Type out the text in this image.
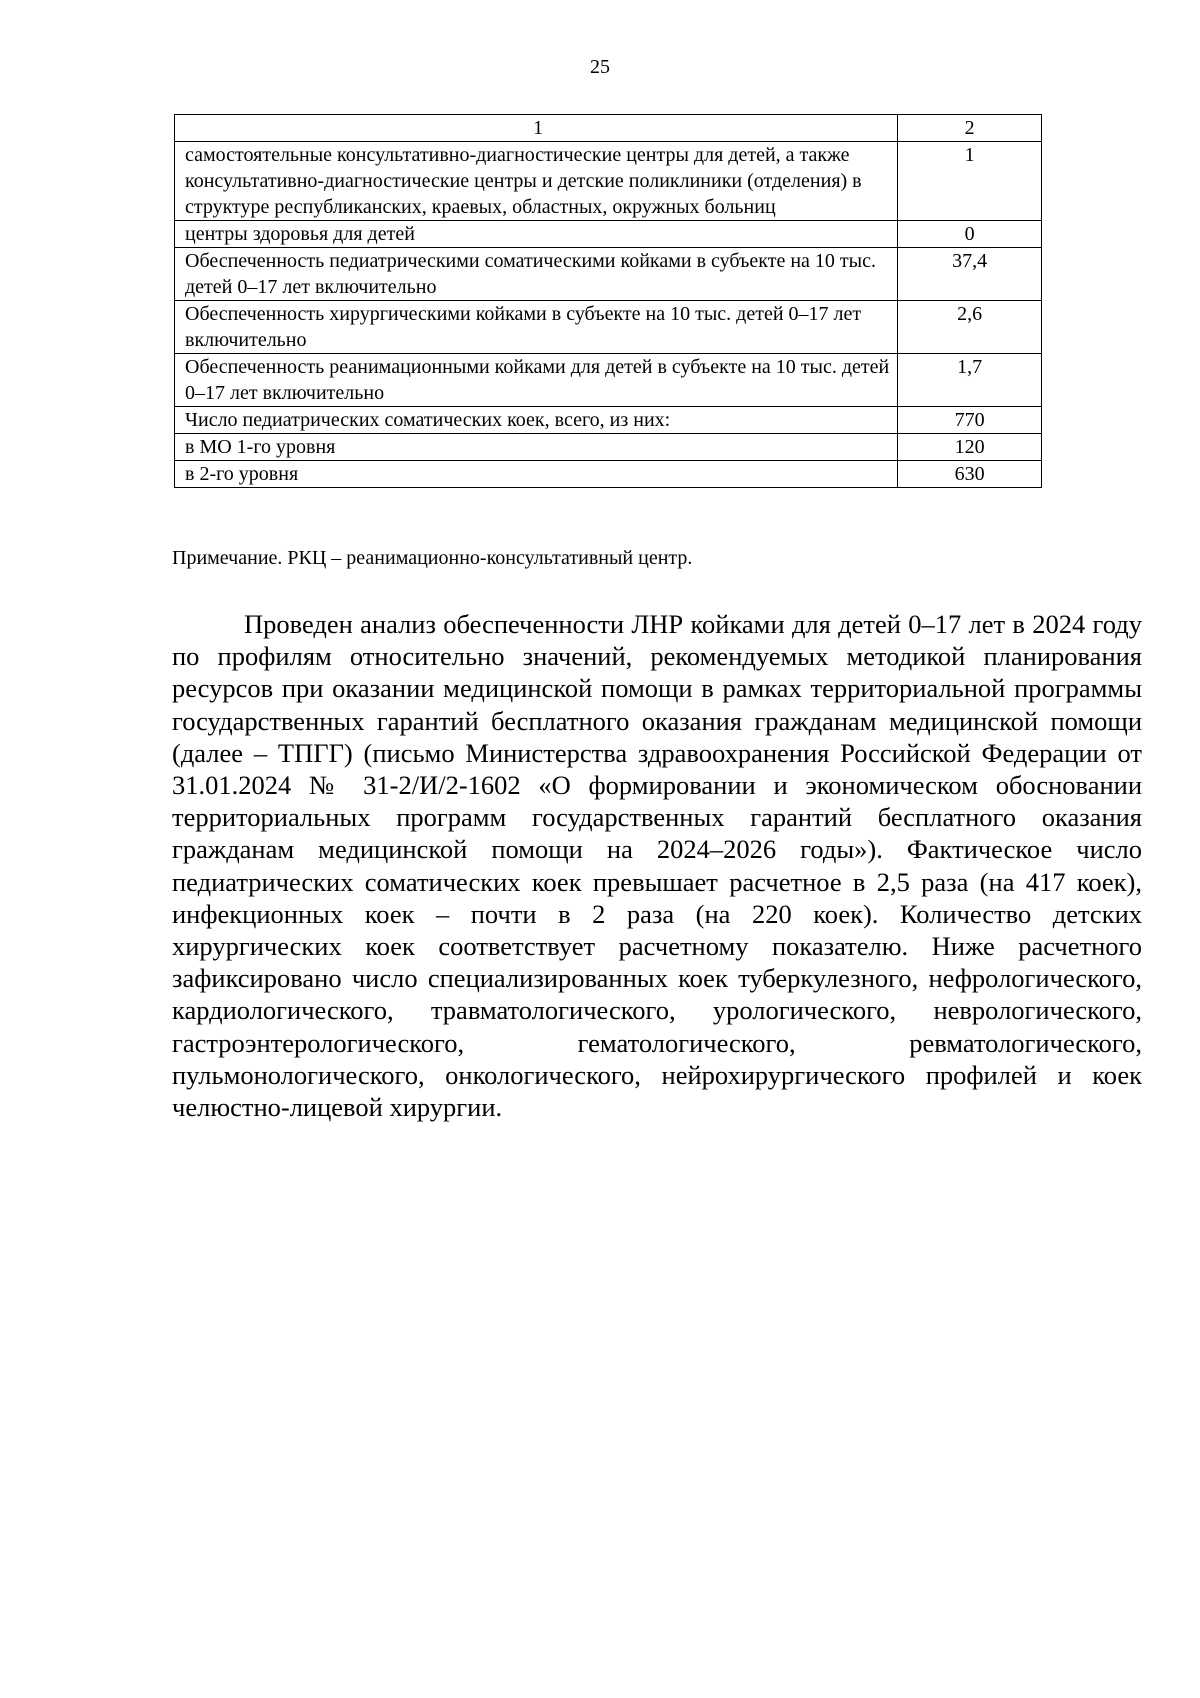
25
1	2
самостоятельные консультативно-диагностические центры для детей, а также консультативно-диагностические центры и детские поликлиники (отделения) в структуре республиканских, краевых, областных, окружных больниц	1
центры здоровья для детей	0
Обеспеченность педиатрическими соматическими койками в субъекте на 10 тыс. детей 0–17 лет включительно	37,4
Обеспеченность хирургическими койками в субъекте на 10 тыс. детей 0–17 лет включительно	2,6
Обеспеченность реанимационными койками для детей в субъекте на 10 тыс. детей 0–17 лет включительно	1,7
Число педиатрических соматических коек, всего, из них:	770
в МО 1-го уровня	120
в 2-го уровня	630
Примечание. РКЦ – реанимационно-консультативный центр.

Проведен анализ обеспеченности ЛНР койками для детей 0–17 лет в 2024 году по профилям относительно значений, рекомендуемых методикой планирования ресурсов при оказании медицинской помощи в рамках территориальной программы государственных гарантий бесплатного оказания гражданам медицинской помощи (далее – ТПГГ) (письмо Министерства здравоохранения Российской Федерации от 31.01.2024 № 31-2/И/2-1602 «О формировании и экономическом обосновании территориальных программ государственных гарантий бесплатного оказания гражданам медицинской помощи на 2024–2026 годы»). Фактическое число педиатрических соматических коек превышает расчетное в 2,5 раза (на 417 коек), инфекционных коек – почти в 2 раза (на 220 коек). Количество детских хирургических коек соответствует расчетному показателю. Ниже расчетного зафиксировано число специализированных коек туберкулезного, нефрологического, кардиологического, травматологического, урологического, неврологического, гастроэнтерологического, гематологического, ревматологического, пульмонологического, онкологического, нейрохирургического профилей и коек челюстно-лицевой хирургии.
